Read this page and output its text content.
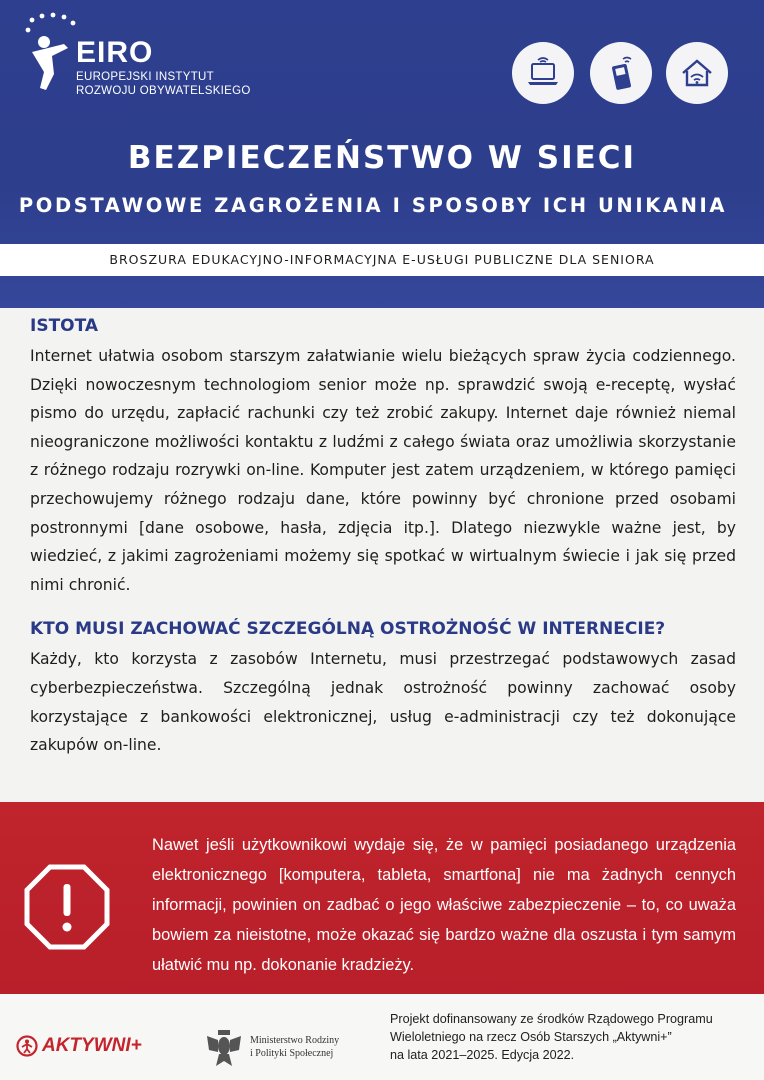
EIRO
EUROPEJSKI INSTYTUT
ROZWOJU OBYWATELSKIEGO
BEZPIECZEŃSTWO W SIECI
PODSTAWOWE ZAGROŻENIA I SPOSOBY ICH UNIKANIA
BROSZURA EDUKACYJNO-INFORMACYJNA E-USŁUGI PUBLICZNE DLA SENIORA
ISTOTA

Internet ułatwia osobom starszym załatwianie wielu bieżących spraw życia codziennego. Dzięki nowoczesnym technologiom senior może np. sprawdzić swoją e-receptę, wysłać pismo do urzędu, zapłacić rachunki czy też zrobić zakupy. Internet daje również niemal nieograniczone możliwości kontaktu z ludźmi z całego świata oraz umożliwia skorzystanie z różnego rodzaju rozrywki on-line. Komputer jest zatem urządzeniem, w którego pamięci przechowujemy różnego rodzaju dane, które powinny być chronione przed osobami postronnymi [dane osobowe, hasła, zdjęcia itp.]. Dlatego niezwykle ważne jest, by wiedzieć, z jakimi zagrożeniami możemy się spotkać w wirtualnym świecie i jak się przed nimi chronić.

KTO MUSI ZACHOWAĆ SZCZEGÓLNĄ OSTROŻNOŚĆ W INTERNECIE?

Każdy, kto korzysta z zasobów Internetu, musi przestrzegać podstawowych zasad cyberbezpieczeństwa. Szczególną jednak ostrożność powinny zachować osoby korzystające z bankowości elektronicznej, usług e-administracji czy też dokonujące zakupów on-line.

Nawet jeśli użytkownikowi wydaje się, że w pamięci posiadanego urządzenia elektronicznego [komputera, tableta, smartfona] nie ma żadnych cennych informacji, powinien on zadbać o jego właściwe zabezpieczenie – to, co uważa bowiem za nieistotne, może okazać się bardzo ważne dla oszusta i tym samym ułatwić mu np. dokonanie kradzieży.

AKTYWNI+	Ministerstwo Rodziny
i Polityki Społecznej
Projekt dofinansowany ze środków Rządowego Programu
Wieloletniego na rzecz Osób Starszych „Aktywni+”
na lata 2021–2025. Edycja 2022.
